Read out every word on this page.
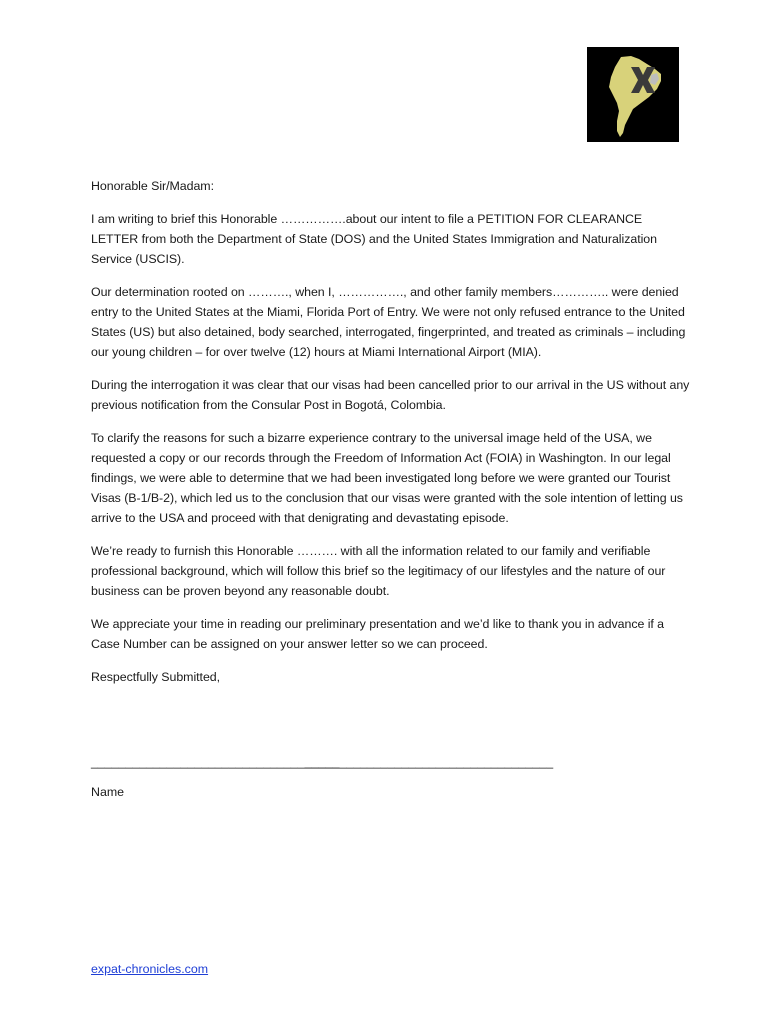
Honorable Sir/Madam:

I am writing to brief this Honorable …………….about our intent to file a PETITION FOR CLEARANCE LETTER from both the Department of State (DOS) and the United States Immigration and Naturalization Service (USCIS).

Our determination rooted on ………., when I, ……………., and other family members………….. were denied entry to the United States at the Miami, Florida Port of Entry. We were not only refused entrance to the United States (US) but also detained, body searched, interrogated, fingerprinted, and treated as criminals – including our young children – for over twelve (12) hours at Miami International Airport (MIA).

During the interrogation it was clear that our visas had been cancelled prior to our arrival in the US without any previous notification from the Consular Post in Bogotá, Colombia.

To clarify the reasons for such a bizarre experience contrary to the universal image held of the USA, we requested a copy or our records through the Freedom of Information Act (FOIA) in Washington. In our legal findings, we were able to determine that we had been investigated long before we were granted our Tourist Visas (B-1/B-2), which led us to the conclusion that our visas were granted with the sole intention of letting us arrive to the USA and proceed with that denigrating and devastating episode.

We’re ready to furnish this Honorable ………. with all the information related to our family and verifiable professional background, which will follow this brief so the legitimacy of our lifestyles and the nature of our business can be proven beyond any reasonable doubt.

We appreciate your time in reading our preliminary presentation and we’d like to thank you in advance if a Case Number can be assigned on your answer letter so we can proceed.

Respectfully Submitted,

____________________________________
____________________________________
Name
expat-chronicles.com
